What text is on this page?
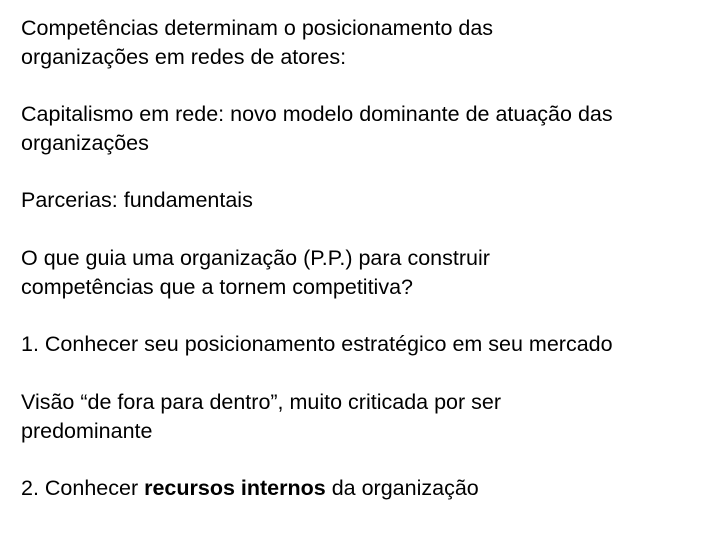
Competências determinam o posicionamento das
organizações em redes de atores:

Capitalismo em rede: novo modelo dominante de atuação das
organizações

Parcerias: fundamentais

O que guia uma organização (P.P.) para construir
competências que a tornem competitiva?

1. Conhecer seu posicionamento estratégico em seu mercado

Visão “de fora para dentro”, muito criticada por ser
predominante

2. Conhecer recursos internos da organização
